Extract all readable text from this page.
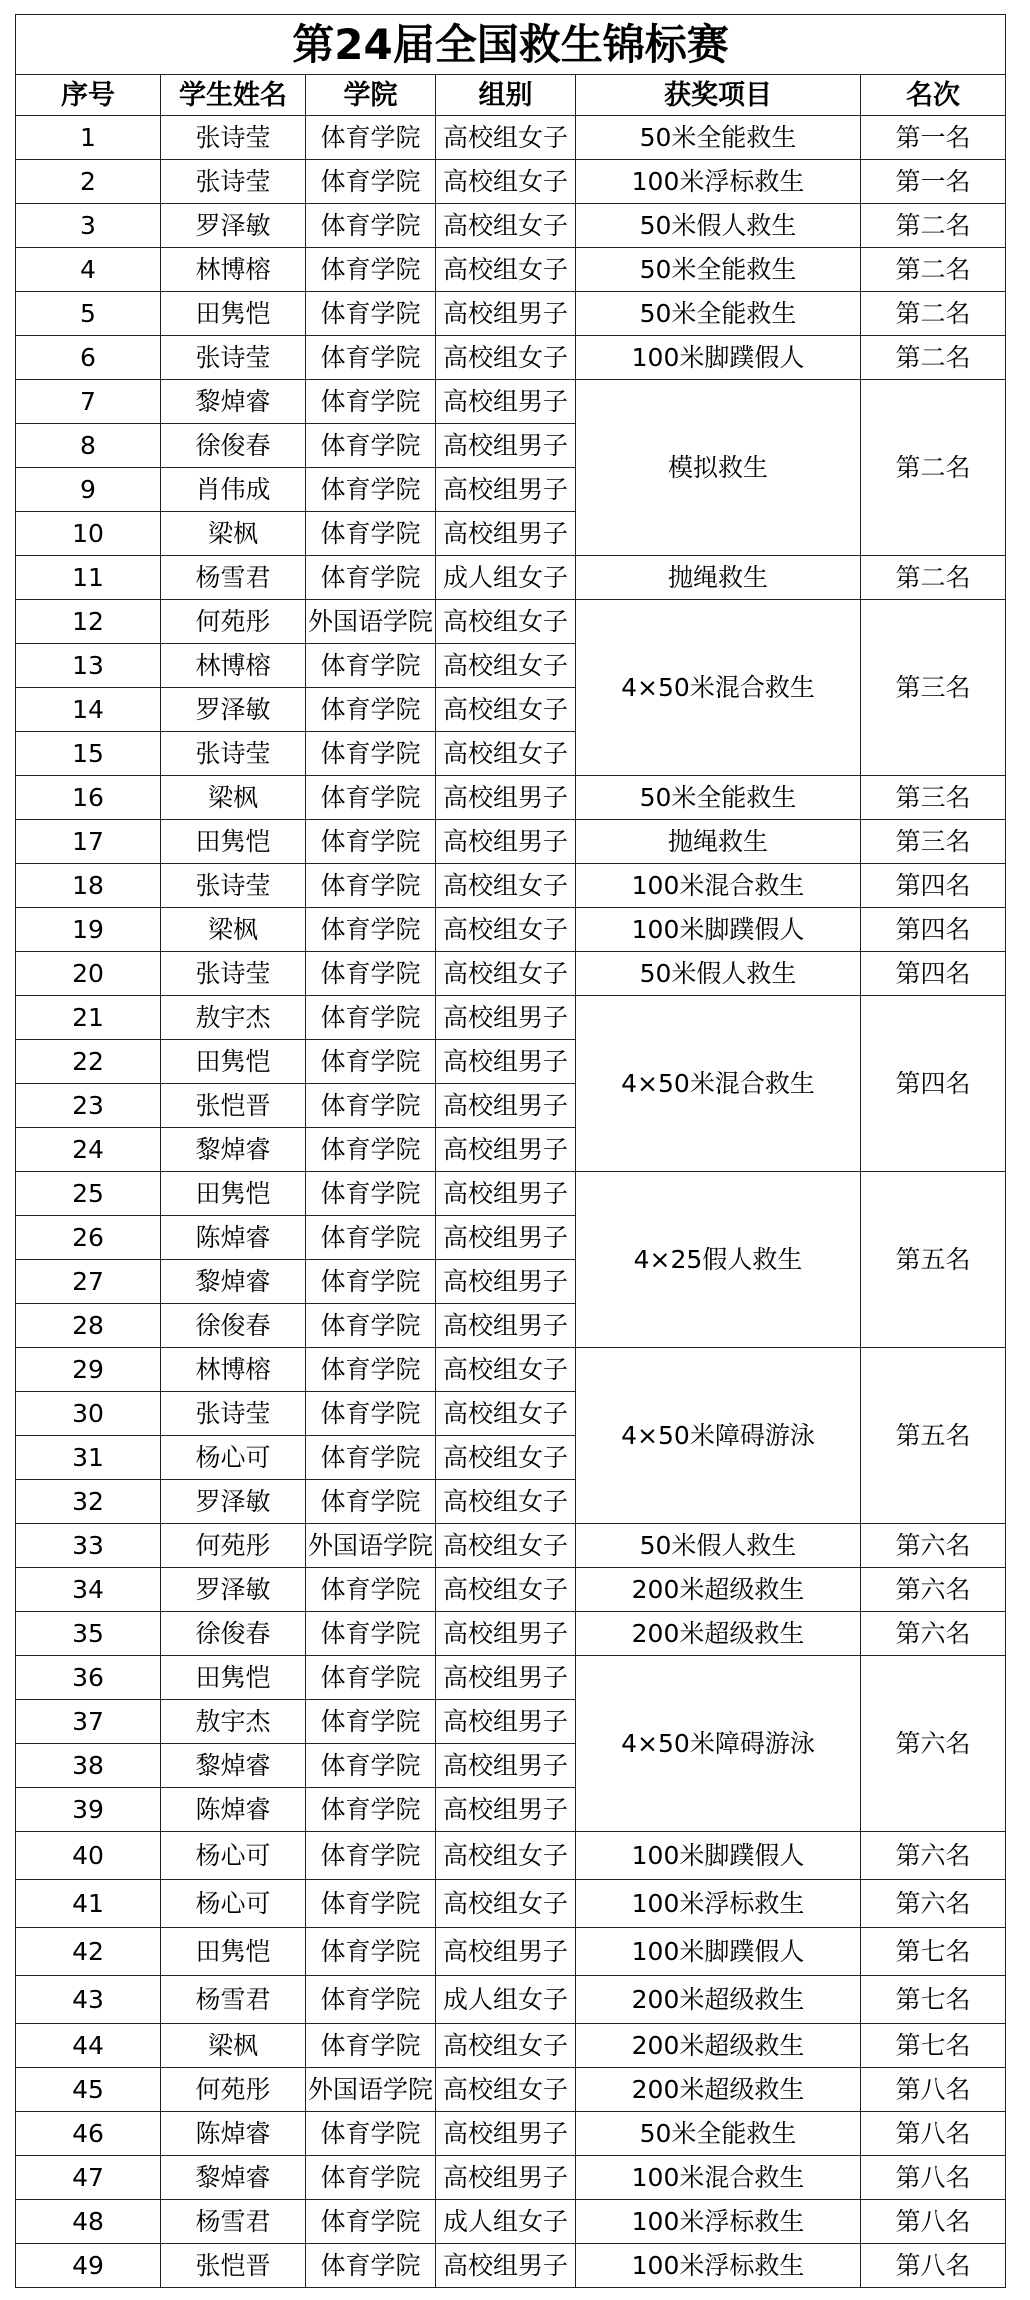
第24届全国救生锦标赛					
序号	学生姓名	学院	组别	获奖项目	名次
1	张诗莹	体育学院	高校组女子	50米全能救生	第一名
2	张诗莹	体育学院	高校组女子	100米浮标救生	第一名
3	罗泽敏	体育学院	高校组女子	50米假人救生	第二名
4	林博榕	体育学院	高校组女子	50米全能救生	第二名
5	田隽恺	体育学院	高校组男子	50米全能救生	第二名
6	张诗莹	体育学院	高校组女子	100米脚蹼假人	第二名
7	黎焯睿	体育学院	高校组男子	模拟救生	第二名
8	徐俊春	体育学院	高校组男子		
9	肖伟成	体育学院	高校组男子		
10	梁枫	体育学院	高校组男子		
11	杨雪君	体育学院	成人组女子	抛绳救生	第二名
12	何苑彤	外国语学院	高校组女子	4×50米混合救生	第三名
13	林博榕	体育学院	高校组女子		
14	罗泽敏	体育学院	高校组女子		
15	张诗莹	体育学院	高校组女子		
16	梁枫	体育学院	高校组男子	50米全能救生	第三名
17	田隽恺	体育学院	高校组男子	抛绳救生	第三名
18	张诗莹	体育学院	高校组女子	100米混合救生	第四名
19	梁枫	体育学院	高校组女子	100米脚蹼假人	第四名
20	张诗莹	体育学院	高校组女子	50米假人救生	第四名
21	敖宇杰	体育学院	高校组男子	4×50米混合救生	第四名
22	田隽恺	体育学院	高校组男子		
23	张恺晋	体育学院	高校组男子		
24	黎焯睿	体育学院	高校组男子		
25	田隽恺	体育学院	高校组男子	4×25假人救生	第五名
26	陈焯睿	体育学院	高校组男子		
27	黎焯睿	体育学院	高校组男子		
28	徐俊春	体育学院	高校组男子		
29	林博榕	体育学院	高校组女子	4×50米障碍游泳	第五名
30	张诗莹	体育学院	高校组女子		
31	杨心可	体育学院	高校组女子		
32	罗泽敏	体育学院	高校组女子		
33	何苑彤	外国语学院	高校组女子	50米假人救生	第六名
34	罗泽敏	体育学院	高校组女子	200米超级救生	第六名
35	徐俊春	体育学院	高校组男子	200米超级救生	第六名
36	田隽恺	体育学院	高校组男子	4×50米障碍游泳	第六名
37	敖宇杰	体育学院	高校组男子		
38	黎焯睿	体育学院	高校组男子		
39	陈焯睿	体育学院	高校组男子		
40	杨心可	体育学院	高校组女子	100米脚蹼假人	第六名
41	杨心可	体育学院	高校组女子	100米浮标救生	第六名
42	田隽恺	体育学院	高校组男子	100米脚蹼假人	第七名
43	杨雪君	体育学院	成人组女子	200米超级救生	第七名
44	梁枫	体育学院	高校组女子	200米超级救生	第七名
45	何苑彤	外国语学院	高校组女子	200米超级救生	第八名
46	陈焯睿	体育学院	高校组男子	50米全能救生	第八名
47	黎焯睿	体育学院	高校组男子	100米混合救生	第八名
48	杨雪君	体育学院	成人组女子	100米浮标救生	第八名
49	张恺晋	体育学院	高校组男子	100米浮标救生	第八名
